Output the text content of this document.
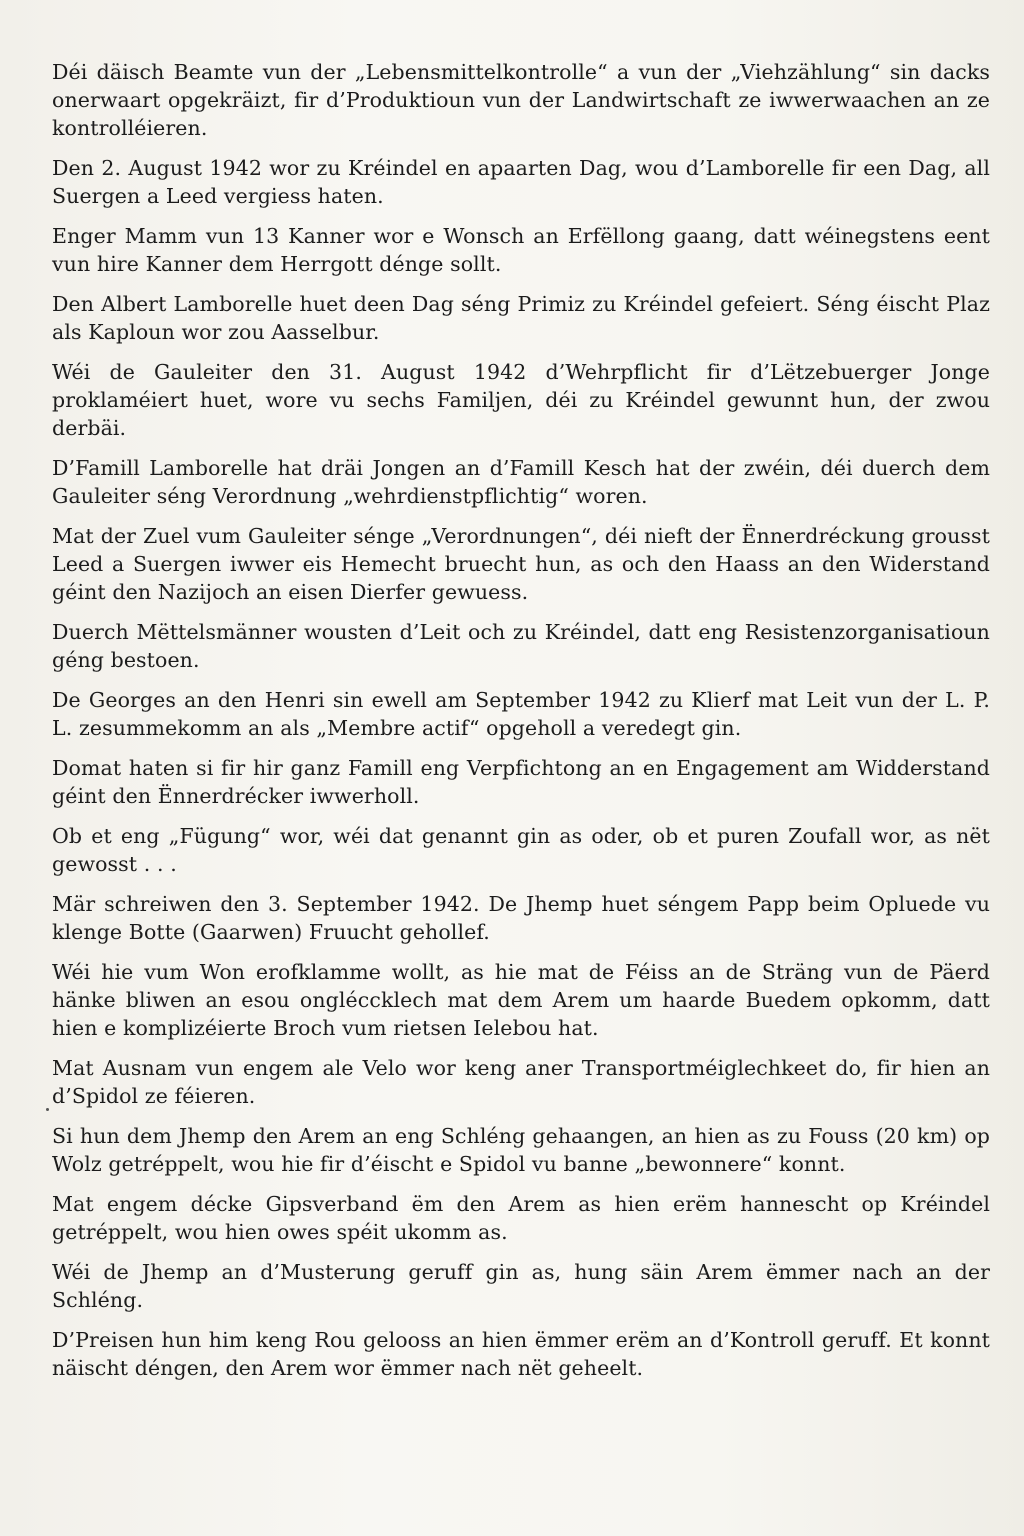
Déi däisch Beamte vun der „Lebensmittelkontrolle“ a vun der „Viehzählung“ sin dacks onerwaart opgekräizt, fir d’Produktioun vun der Landwirtschaft ze iwwerwaachen an ze kontrolléieren.

Den 2. August 1942 wor zu Kréindel en apaarten Dag, wou d’Lamborelle fir een Dag, all Suergen a Leed vergiess haten.

Enger Mamm vun 13 Kanner wor e Wonsch an Erfëllong gaang, datt wéinegstens eent vun hire Kanner dem Herrgott dénge sollt.

Den Albert Lamborelle huet deen Dag séng Primiz zu Kréindel gefeiert. Séng éischt Plaz als Kaploun wor zou Aasselbur.

Wéi de Gauleiter den 31. August 1942 d’Wehrpflicht fir d’Lëtzebuerger Jonge proklaméiert huet, wore vu sechs Familjen, déi zu Kréindel gewunnt hun, der zwou derbäi.

D’Famill Lamborelle hat dräi Jongen an d’Famill Kesch hat der zwéin, déi duerch dem Gauleiter séng Verordnung „wehrdienstpflichtig“ woren.

Mat der Zuel vum Gauleiter sénge „Verordnungen“, déi nieft der Ënnerdréckung grousst Leed a Suergen iwwer eis Hemecht bruecht hun, as och den Haass an den Widerstand géint den Nazijoch an eisen Dierfer gewuess.

Duerch Mëttelsmänner wousten d’Leit och zu Kréindel, datt eng Resistenzorganisatioun géng bestoen.

De Georges an den Henri sin ewell am September 1942 zu Klierf mat Leit vun der L. P. L. zesummekomm an als „Membre actif“ opgeholl a veredegt gin.

Domat haten si fir hir ganz Famill eng Verpfichtong an en Engagement am Widderstand géint den Ënnerdrécker iwwerholl.

Ob et eng „Fügung“ wor, wéi dat genannt gin as oder, ob et puren Zoufall wor, as nët gewosst . . .

Mär schreiwen den 3. September 1942. De Jhemp huet séngem Papp beim Opluede vu klenge Botte (Gaarwen) Fruucht gehollef.

Wéi hie vum Won erofklamme wollt, as hie mat de Féiss an de Sträng vun de Päerd hänke bliwen an esou ongléccklech mat dem Arem um haarde Buedem opkomm, datt hien e komplizéierte Broch vum rietsen Ielebou hat.

Mat Ausnam vun engem ale Velo wor keng aner Transportméiglechkeet do, fir hien an d’Spidol ze féieren.

Si hun dem Jhemp den Arem an eng Schléng gehaangen, an hien as zu Fouss (20 km) op Wolz getréppelt, wou hie fir d’éischt e Spidol vu banne „bewonnere“ konnt.

Mat engem décke Gipsverband ëm den Arem as hien erëm hannescht op Kréindel getréppelt, wou hien owes spéit ukomm as.

Wéi de Jhemp an d’Musterung geruff gin as, hung säin Arem ëmmer nach an der Schléng.

D’Preisen hun him keng Rou gelooss an hien ëmmer erëm an d’Kontroll geruff. Et konnt näischt déngen, den Arem wor ëmmer nach nët geheelt.
